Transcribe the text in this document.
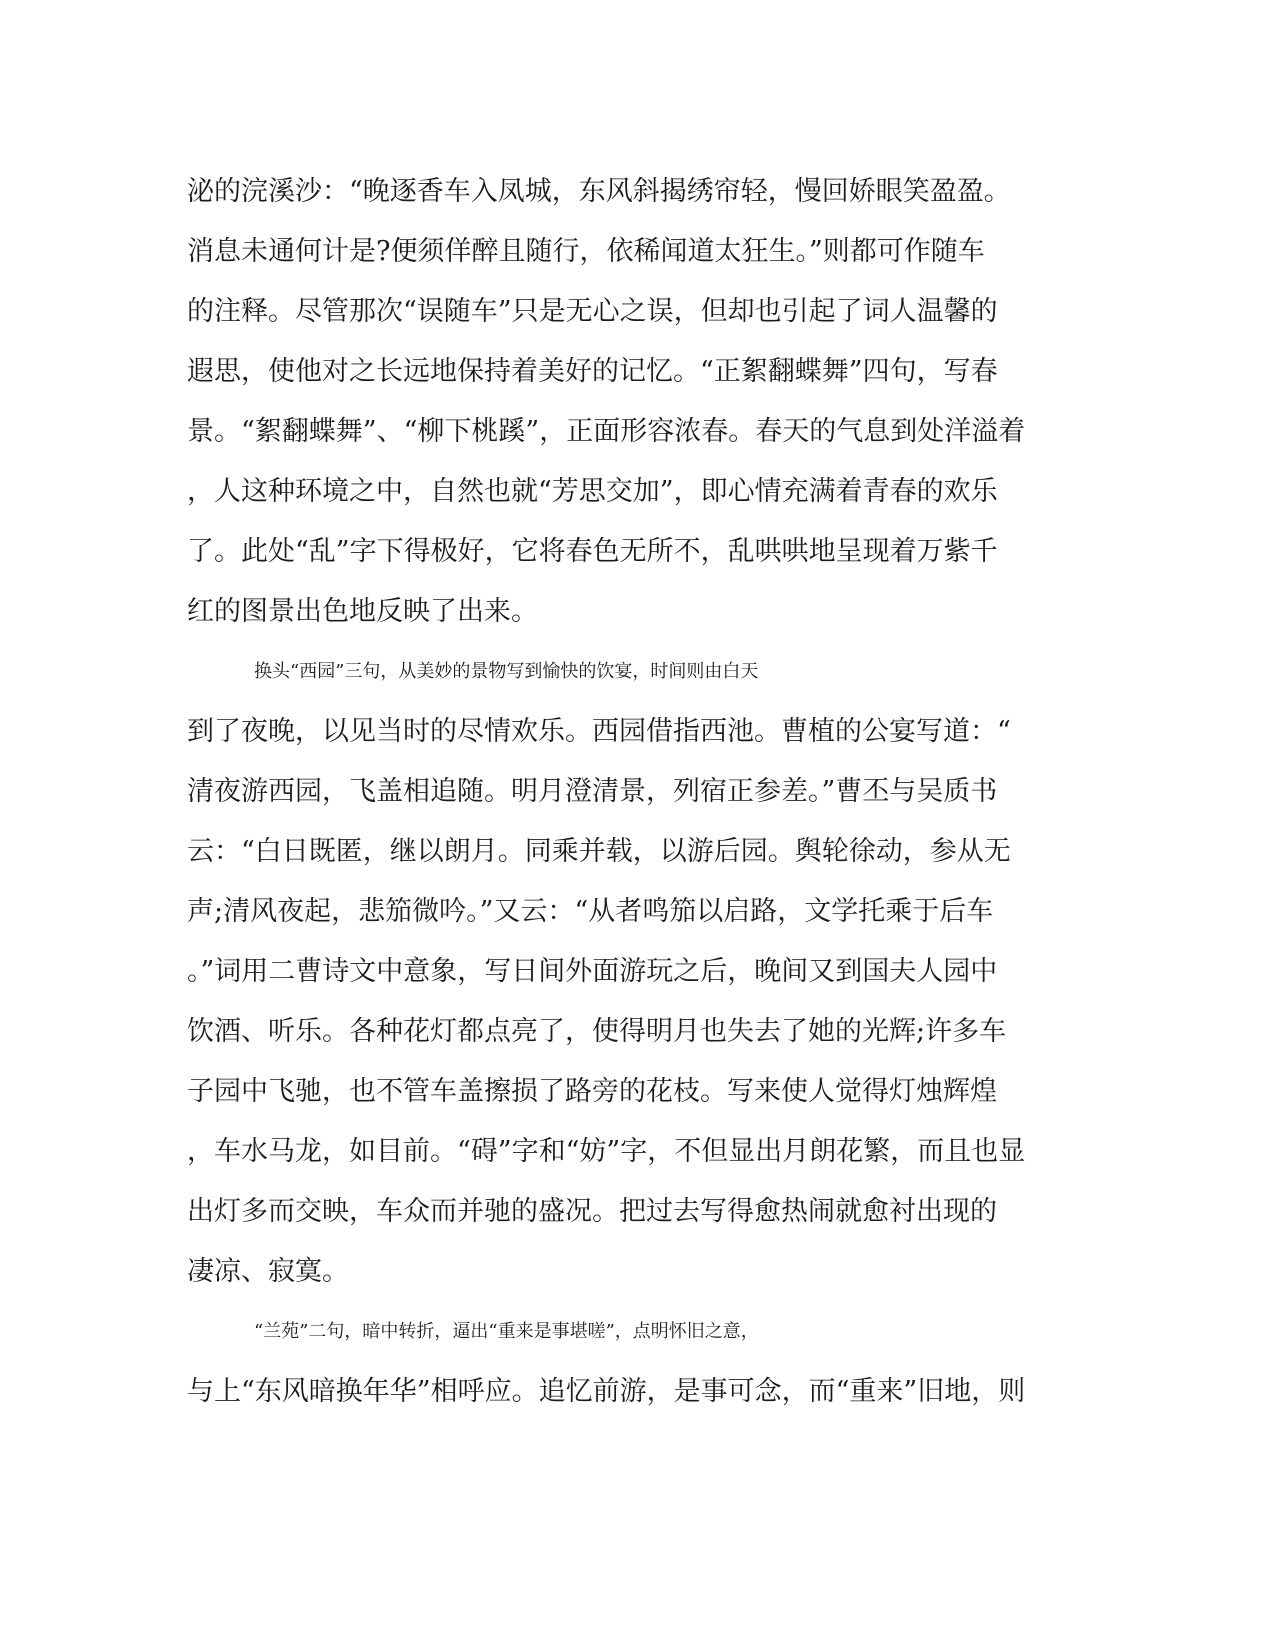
泌的浣溪沙：“晚逐香车入凤城，东风斜揭绣帘轻，慢回娇眼笑盈盈。
消息未通何计是?便须佯醉且随行，依稀闻道太狂生。”则都可作随车
的注释。尽管那次“误随车”只是无心之误，但却也引起了词人温馨的
遐思，使他对之长远地保持着美好的记忆。“正絮翻蝶舞”四句，写春
景。“絮翻蝶舞”、“柳下桃蹊”，正面形容浓春。春天的气息到处洋溢着
，人这种环境之中，自然也就“芳思交加”，即心情充满着青春的欢乐
了。此处“乱”字下得极好，它将春色无所不，乱哄哄地呈现着万紫千
红的图景出色地反映了出来。
换头“西园”三句，从美妙的景物写到愉快的饮宴，时间则由白天
到了夜晚，以见当时的尽情欢乐。西园借指西池。曹植的公宴写道：“
清夜游西园，飞盖相追随。明月澄清景，列宿正参差。”曹丕与吴质书
云：“白日既匿，继以朗月。同乘并载，以游后园。舆轮徐动，参从无
声;清风夜起，悲笳微吟。”又云：“从者鸣笳以启路，文学托乘于后车
。”词用二曹诗文中意象，写日间外面游玩之后，晚间又到国夫人园中
饮酒、听乐。各种花灯都点亮了，使得明月也失去了她的光辉;许多车
子园中飞驰，也不管车盖擦损了路旁的花枝。写来使人觉得灯烛辉煌
，车水马龙，如目前。“碍”字和“妨”字，不但显出月朗花繁，而且也显
出灯多而交映，车众而并驰的盛况。把过去写得愈热闹就愈衬出现的
凄凉、寂寞。
“兰苑”二句，暗中转折，逼出“重来是事堪嗟”，点明怀旧之意，
与上“东风暗换年华”相呼应。追忆前游，是事可念，而“重来”旧地，则
